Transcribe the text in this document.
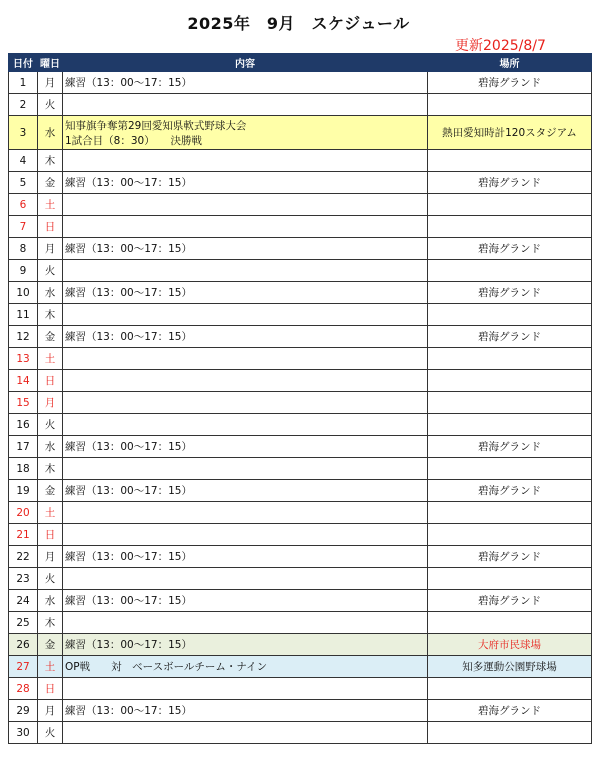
2025年　9月　スケジュール
更新2025/8/7
日付	曜日	内容	場所
1	月	練習（13：00〜17：15）	碧海グランド
2	火	

3	水	知事旗争奪第29回愛知県軟式野球大会
1試合目（8：30）　　決勝戦	熱田愛知時計120スタジアム
4	木	

5	金	練習（13：00〜17：15）	碧海グランド
6	土	

7	日	

8	月	練習（13：00〜17：15）	碧海グランド
9	火	

10	水	練習（13：00〜17：15）	碧海グランド
11	木	

12	金	練習（13：00〜17：15）	碧海グランド
13	土	

14	日	

15	月	

16	火	

17	水	練習（13：00〜17：15）	碧海グランド
18	木	

19	金	練習（13：00〜17：15）	碧海グランド
20	土	

21	日	

22	月	練習（13：00〜17：15）	碧海グランド
23	火	

24	水	練習（13：00〜17：15）	碧海グランド
25	木	

26	金	練習（13：00〜17：15）	大府市民球場
27	土	OP戦　　対　ベースボールチーム・ナイン	知多運動公園野球場
28	日	

29	月	練習（13：00〜17：15）	碧海グランド
30	火	
